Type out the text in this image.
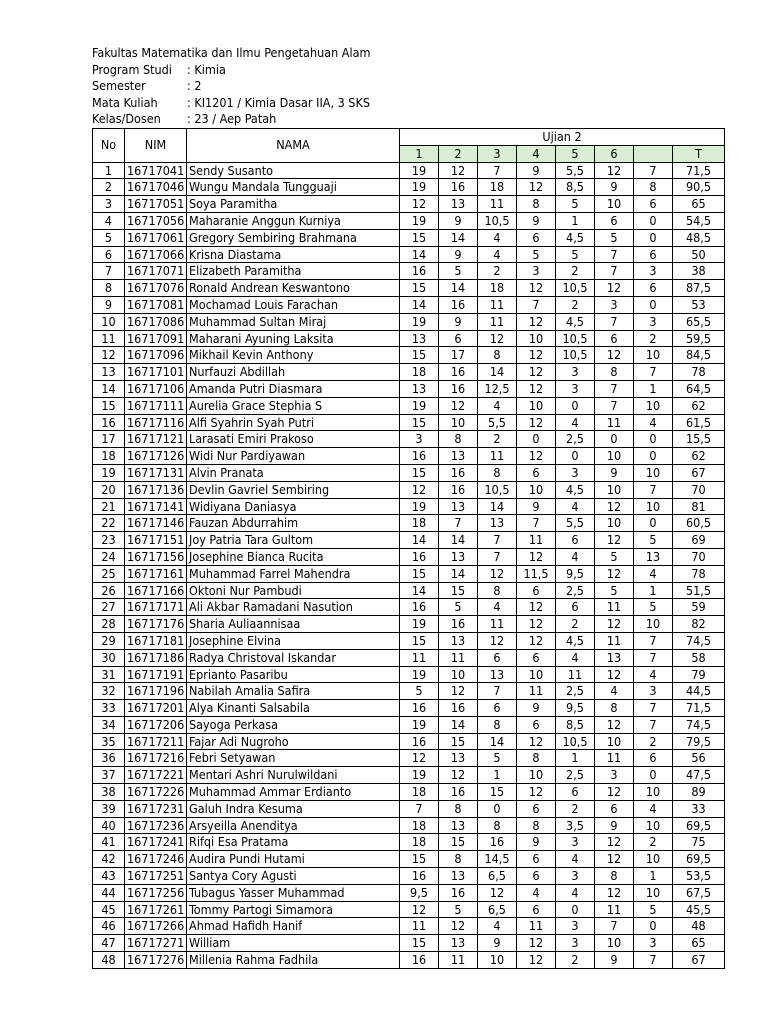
Fakultas Matematika dan Ilmu Pengetahuan Alam
Program Studi	: Kimia
Semester	: 2
Mata Kuliah	: KI1201 / Kimia Dasar IIA, 3 SKS
Kelas/Dosen	: 23 / Aep Patah
No	NIM	NAMA	Ujian 2							
			1	2	3	4	5	6		T
1	16717041	Sendy Susanto	19	12	7	9	5,5	12	7	71,5
2	16717046	Wungu Mandala Tungguaji	19	16	18	12	8,5	9	8	90,5
3	16717051	Soya Paramitha	12	13	11	8	5	10	6	65
4	16717056	Maharanie Anggun Kurniya	19	9	10,5	9	1	6	0	54,5
5	16717061	Gregory Sembiring Brahmana	15	14	4	6	4,5	5	0	48,5
6	16717066	Krisna Diastama	14	9	4	5	5	7	6	50
7	16717071	Elizabeth Paramitha	16	5	2	3	2	7	3	38
8	16717076	Ronald Andrean Keswantono	15	14	18	12	10,5	12	6	87,5
9	16717081	Mochamad Louis Farachan	14	16	11	7	2	3	0	53
10	16717086	Muhammad Sultan Miraj	19	9	11	12	4,5	7	3	65,5
11	16717091	Maharani Ayuning Laksita	13	6	12	10	10,5	6	2	59,5
12	16717096	Mikhail Kevin Anthony	15	17	8	12	10,5	12	10	84,5
13	16717101	Nurfauzi Abdillah	18	16	14	12	3	8	7	78
14	16717106	Amanda Putri Diasmara	13	16	12,5	12	3	7	1	64,5
15	16717111	Aurelia Grace Stephia S	19	12	4	10	0	7	10	62
16	16717116	Alfi Syahrin Syah Putri	15	10	5,5	12	4	11	4	61,5
17	16717121	Larasati Emiri Prakoso	3	8	2	0	2,5	0	0	15,5
18	16717126	Widi Nur Pardiyawan	16	13	11	12	0	10	0	62
19	16717131	Alvin Pranata	15	16	8	6	3	9	10	67
20	16717136	Devlin Gavriel Sembiring	12	16	10,5	10	4,5	10	7	70
21	16717141	Widiyana Daniasya	19	13	14	9	4	12	10	81
22	16717146	Fauzan Abdurrahim	18	7	13	7	5,5	10	0	60,5
23	16717151	Joy Patria Tara Gultom	14	14	7	11	6	12	5	69
24	16717156	Josephine Bianca Rucita	16	13	7	12	4	5	13	70
25	16717161	Muhammad Farrel Mahendra	15	14	12	11,5	9,5	12	4	78
26	16717166	Oktoni Nur Pambudi	14	15	8	6	2,5	5	1	51,5
27	16717171	Ali Akbar Ramadani Nasution	16	5	4	12	6	11	5	59
28	16717176	Sharia Auliaannisaa	19	16	11	12	2	12	10	82
29	16717181	Josephine Elvina	15	13	12	12	4,5	11	7	74,5
30	16717186	Radya Christoval Iskandar	11	11	6	6	4	13	7	58
31	16717191	Eprianto Pasaribu	19	10	13	10	11	12	4	79
32	16717196	Nabilah Amalia Safira	5	12	7	11	2,5	4	3	44,5
33	16717201	Alya Kinanti Salsabila	16	16	6	9	9,5	8	7	71,5
34	16717206	Sayoga Perkasa	19	14	8	6	8,5	12	7	74,5
35	16717211	Fajar Adi Nugroho	16	15	14	12	10,5	10	2	79,5
36	16717216	Febri Setyawan	12	13	5	8	1	11	6	56
37	16717221	Mentari Ashri Nurulwildani	19	12	1	10	2,5	3	0	47,5
38	16717226	Muhammad Ammar Erdianto	18	16	15	12	6	12	10	89
39	16717231	Galuh Indra Kesuma	7	8	0	6	2	6	4	33
40	16717236	Arsyeilla Anenditya	18	13	8	8	3,5	9	10	69,5
41	16717241	Rifqi Esa Pratama	18	15	16	9	3	12	2	75
42	16717246	Audira Pundi Hutami	15	8	14,5	6	4	12	10	69,5
43	16717251	Santya Cory Agusti	16	13	6,5	6	3	8	1	53,5
44	16717256	Tubagus Yasser Muhammad	9,5	16	12	4	4	12	10	67,5
45	16717261	Tommy Partogi Simamora	12	5	6,5	6	0	11	5	45,5
46	16717266	Ahmad Hafidh Hanif	11	12	4	11	3	7	0	48
47	16717271	William	15	13	9	12	3	10	3	65
48	16717276	Millenia Rahma Fadhila	16	11	10	12	2	9	7	67
